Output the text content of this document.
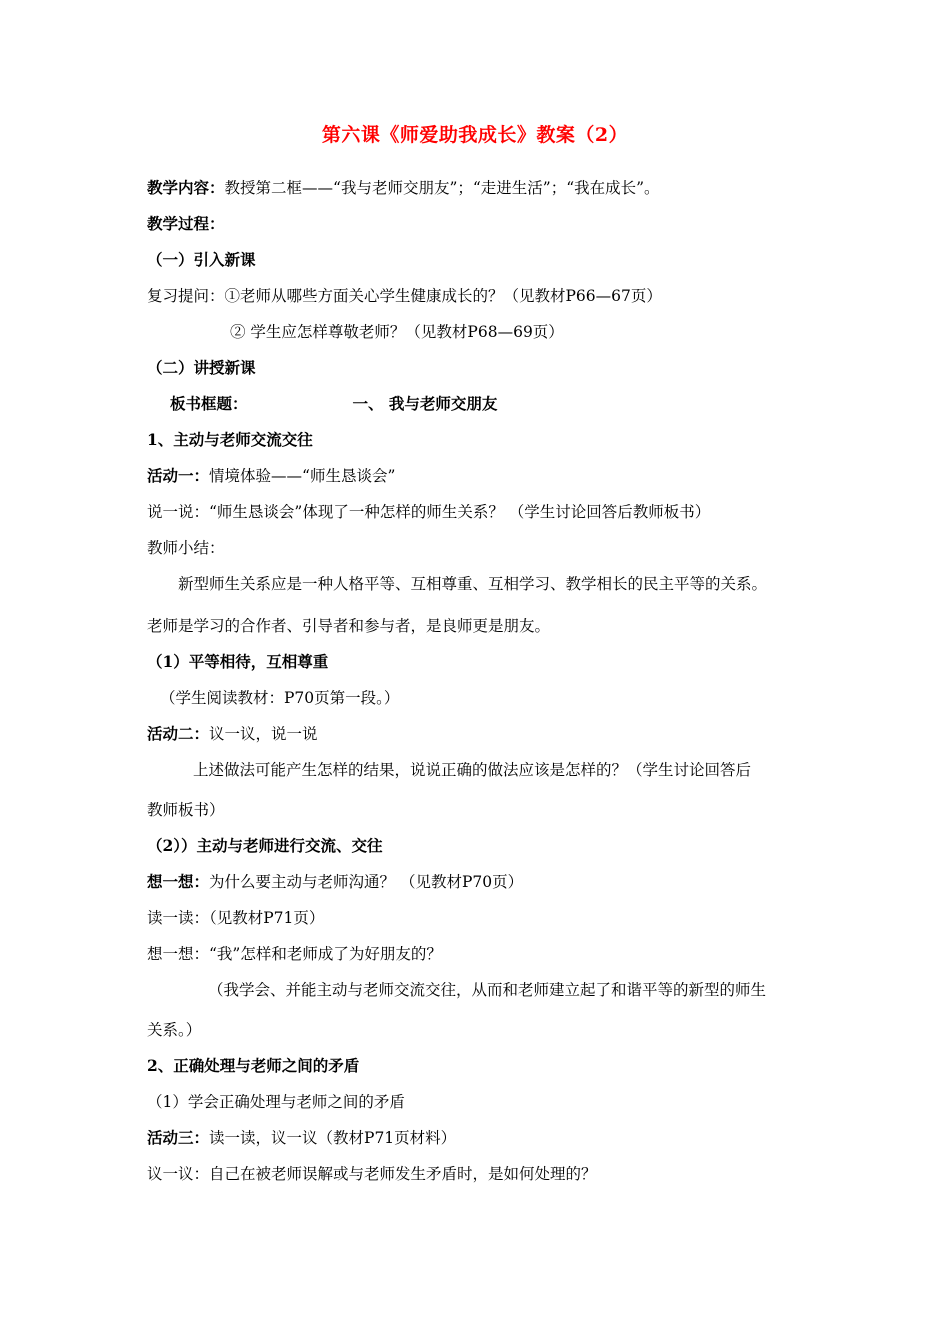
第六课《师爱助我成长》教案（2）
教学内容：教授第二框——“我与老师交朋友”；“走进生活”；“我在成长”。
教学过程：
（一）引入新课
复习提问：①老师从哪些方面关心学生健康成长的？（见教材P66—67页）
② 学生应怎样尊敬老师？（见教材P68—69页）
（二）讲授新课
板书框题：	一、 我与老师交朋友
1、主动与老师交流交往
活动一：情境体验——“师生恳谈会”
说一说：“师生恳谈会”体现了一种怎样的师生关系？ （学生讨论回答后教师板书）
教师小结：
新型师生关系应是一种人格平等、互相尊重、互相学习、教学相长的民主平等的关系。
老师是学习的合作者、引导者和参与者，是良师更是朋友。
（1）平等相待，互相尊重
（学生阅读教材：P70页第一段。）
活动二：议一议，说一说
上述做法可能产生怎样的结果，说说正确的做法应该是怎样的？（学生讨论回答后
教师板书）
（2））主动与老师进行交流、交往
想一想：为什么要主动与老师沟通？ （见教材P70页）
读一读：（见教材P71页）
想一想：“我”怎样和老师成了为好朋友的？
（我学会、并能主动与老师交流交往，从而和老师建立起了和谐平等的新型的师生
关系。）
2、正确处理与老师之间的矛盾
（1）学会正确处理与老师之间的矛盾
活动三：读一读，议一议（教材P71页材料）
议一议：自己在被老师误解或与老师发生矛盾时，是如何处理的？
